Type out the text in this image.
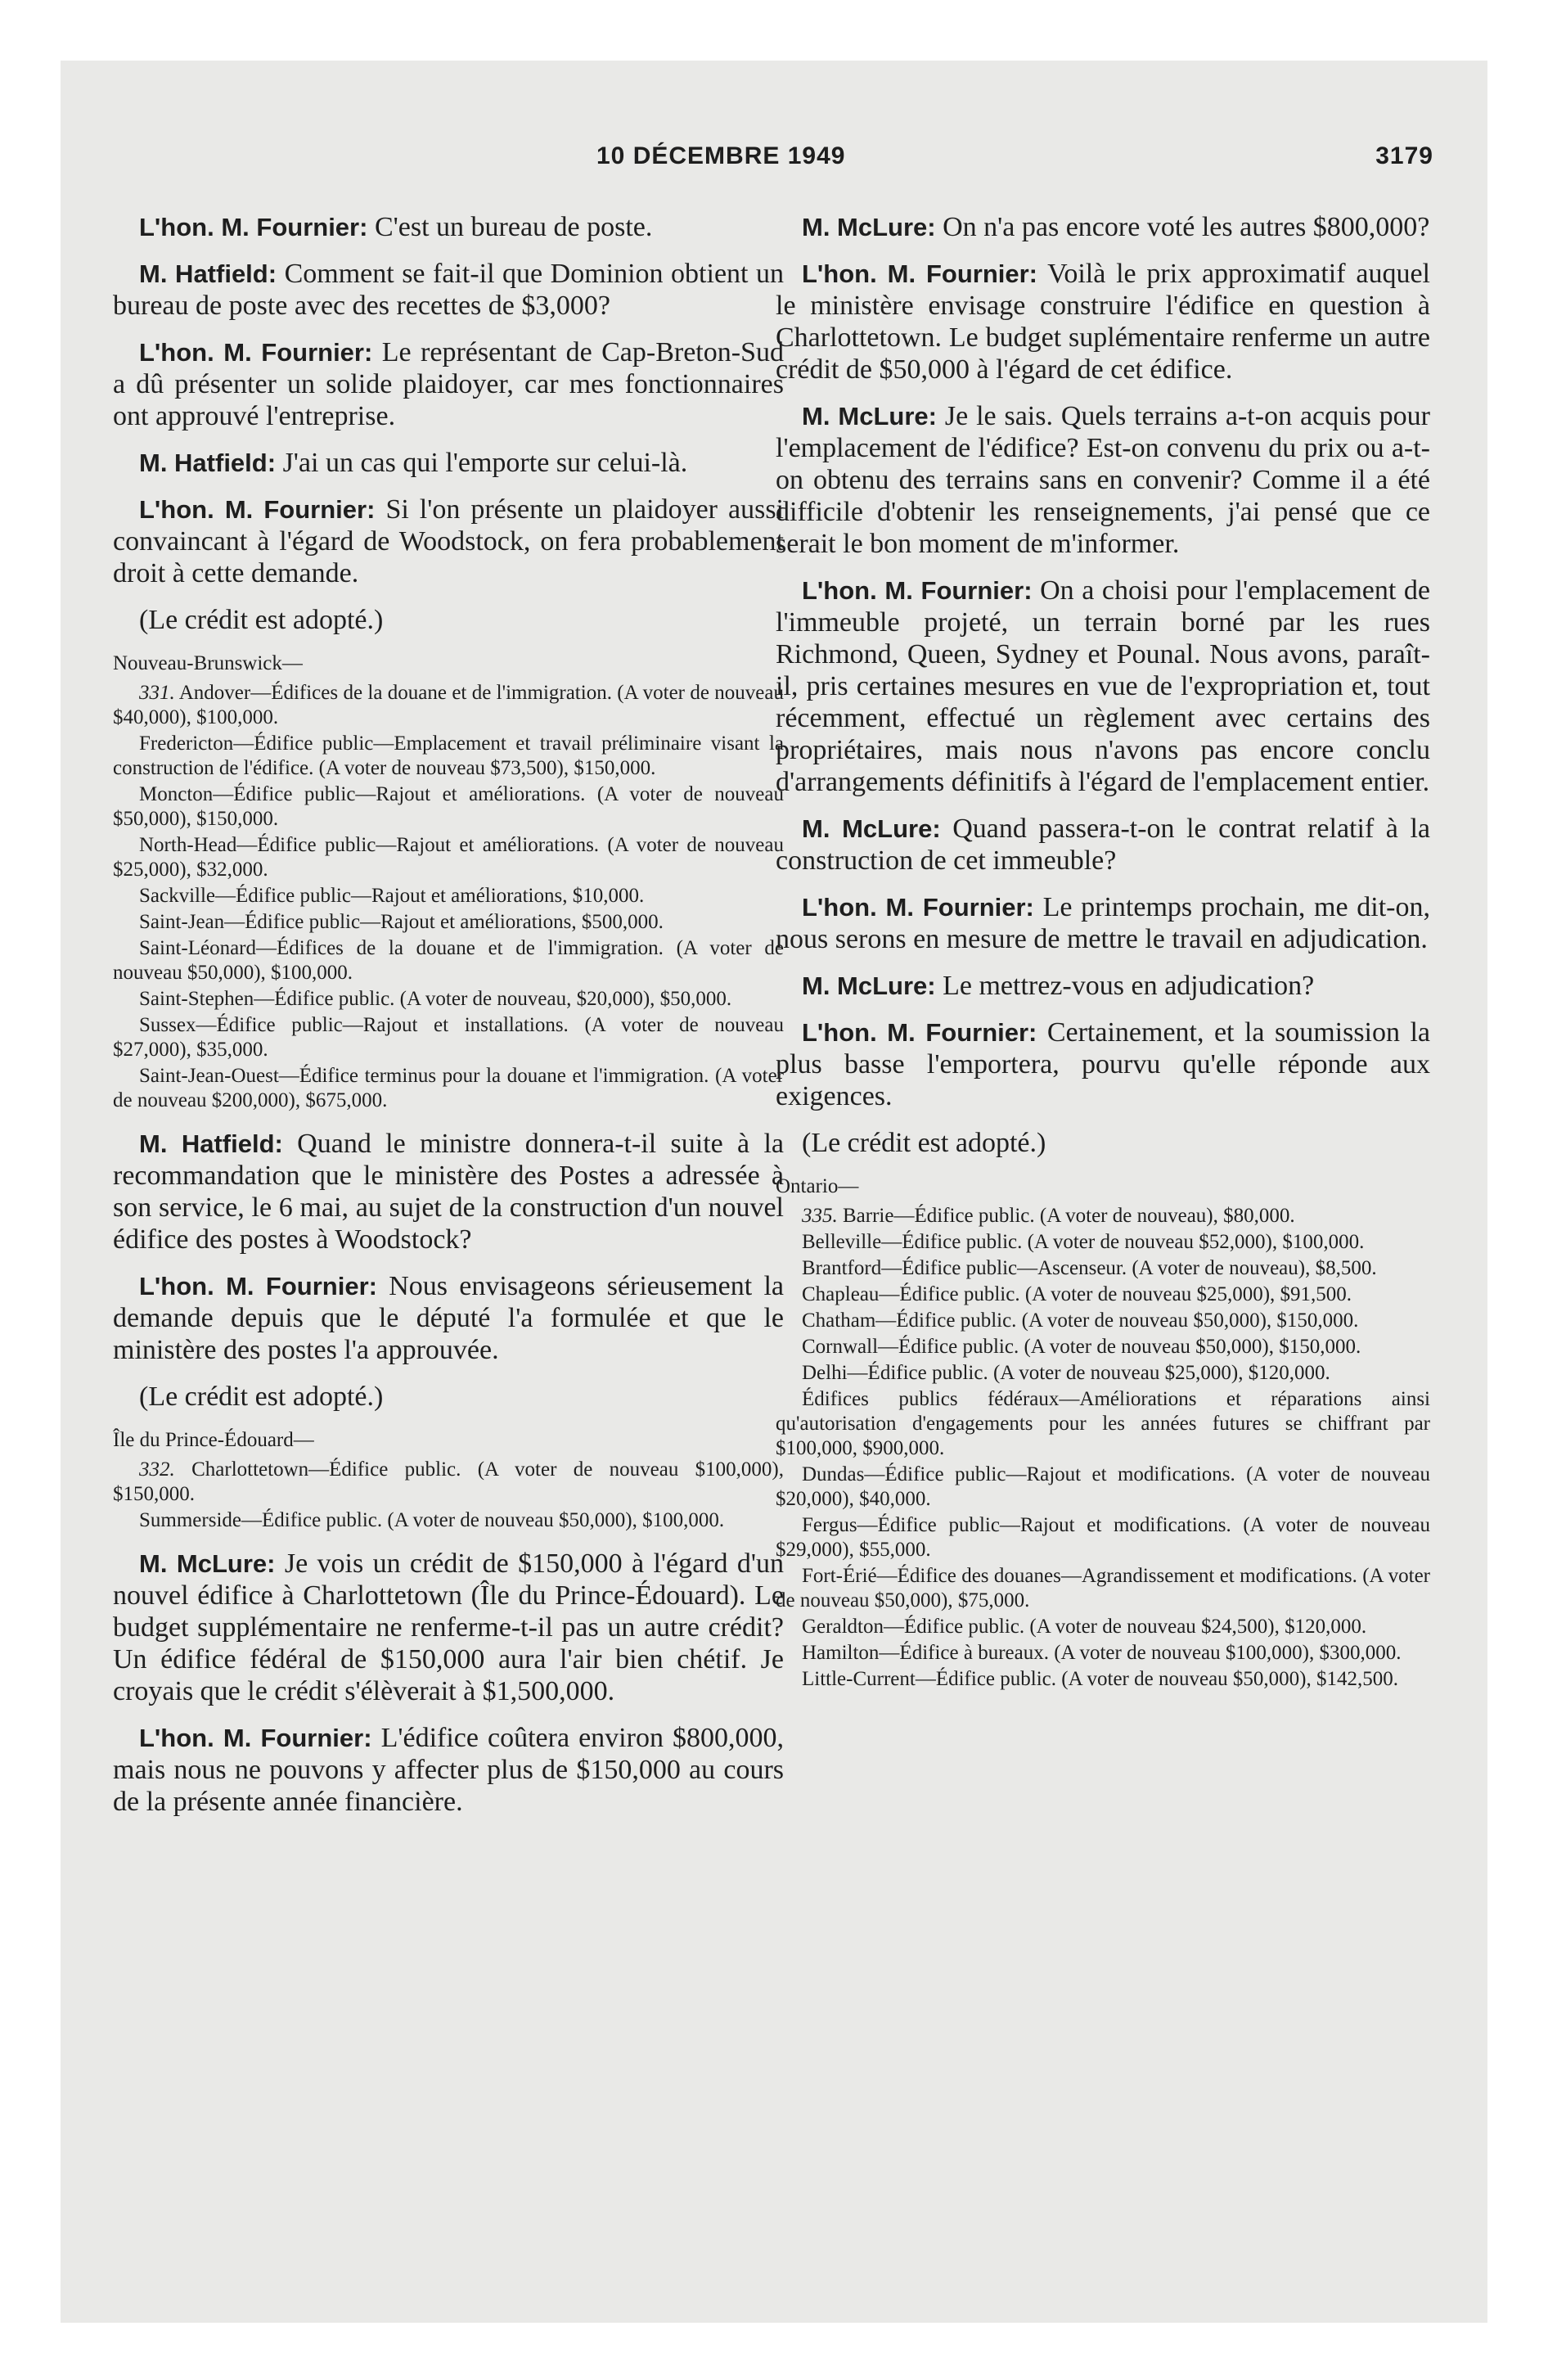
10 DÉCEMBRE 1949	3179

L'hon. M. Fournier: C'est un bureau de poste.

M. Hatfield: Comment se fait-il que Dominion obtient un bureau de poste avec des recettes de $3,000?

L'hon. M. Fournier: Le représentant de Cap-Breton-Sud a dû présenter un solide plaidoyer, car mes fonctionnaires ont approuvé l'entreprise.

M. Hatfield: J'ai un cas qui l'emporte sur celui-là.

L'hon. M. Fournier: Si l'on présente un plaidoyer aussi convaincant à l'égard de Woodstock, on fera probablement droit à cette demande.

(Le crédit est adopté.)

Nouveau-Brunswick—

331. Andover—Édifices de la douane et de l'immigration. (A voter de nouveau $40,000), $100,000.

Fredericton—Édifice public—Emplacement et travail préliminaire visant la construction de l'édifice. (A voter de nouveau $73,500), $150,000.

Moncton—Édifice public—Rajout et améliorations. (A voter de nouveau $50,000), $150,000.

North-Head—Édifice public—Rajout et améliorations. (A voter de nouveau $25,000), $32,000.

Sackville—Édifice public—Rajout et améliorations, $10,000.

Saint-Jean—Édifice public—Rajout et améliorations, $500,000.

Saint-Léonard—Édifices de la douane et de l'immigration. (A voter de nouveau $50,000), $100,000.

Saint-Stephen—Édifice public. (A voter de nouveau, $20,000), $50,000.

Sussex—Édifice public—Rajout et installations. (A voter de nouveau $27,000), $35,000.

Saint-Jean-Ouest—Édifice terminus pour la douane et l'immigration. (A voter de nouveau $200,000), $675,000.

M. Hatfield: Quand le ministre donnera-t-il suite à la recommandation que le ministère des Postes a adressée à son service, le 6 mai, au sujet de la construction d'un nouvel édifice des postes à Woodstock?

L'hon. M. Fournier: Nous envisageons sérieusement la demande depuis que le député l'a formulée et que le ministère des postes l'a approuvée.

(Le crédit est adopté.)

Île du Prince-Édouard—

332. Charlottetown—Édifice public. (A voter de nouveau $100,000), $150,000.

Summerside—Édifice public. (A voter de nouveau $50,000), $100,000.

M. McLure: Je vois un crédit de $150,000 à l'égard d'un nouvel édifice à Charlottetown (Île du Prince-Édouard). Le budget supplémentaire ne renferme-t-il pas un autre crédit? Un édifice fédéral de $150,000 aura l'air bien chétif. Je croyais que le crédit s'élèverait à $1,500,000.

L'hon. M. Fournier: L'édifice coûtera environ $800,000, mais nous ne pouvons y affecter plus de $150,000 au cours de la présente année financière.

M. McLure: On n'a pas encore voté les autres $800,000?

L'hon. M. Fournier: Voilà le prix approximatif auquel le ministère envisage construire l'édifice en question à Charlottetown. Le budget suplémentaire renferme un autre crédit de $50,000 à l'égard de cet édifice.

M. McLure: Je le sais. Quels terrains a-t-on acquis pour l'emplacement de l'édifice? Est-on convenu du prix ou a-t-on obtenu des terrains sans en convenir? Comme il a été difficile d'obtenir les renseignements, j'ai pensé que ce serait le bon moment de m'informer.

L'hon. M. Fournier: On a choisi pour l'emplacement de l'immeuble projeté, un terrain borné par les rues Richmond, Queen, Sydney et Pounal. Nous avons, paraît-il, pris certaines mesures en vue de l'expropriation et, tout récemment, effectué un règlement avec certains des propriétaires, mais nous n'avons pas encore conclu d'arrangements définitifs à l'égard de l'emplacement entier.

M. McLure: Quand passera-t-on le contrat relatif à la construction de cet immeuble?

L'hon. M. Fournier: Le printemps prochain, me dit-on, nous serons en mesure de mettre le travail en adjudication.

M. McLure: Le mettrez-vous en adjudication?

L'hon. M. Fournier: Certainement, et la soumission la plus basse l'emportera, pourvu qu'elle réponde aux exigences.

(Le crédit est adopté.)

Ontario—

335. Barrie—Édifice public. (A voter de nouveau), $80,000.

Belleville—Édifice public. (A voter de nouveau $52,000), $100,000.

Brantford—Édifice public—Ascenseur. (A voter de nouveau), $8,500.

Chapleau—Édifice public. (A voter de nouveau $25,000), $91,500.

Chatham—Édifice public. (A voter de nouveau $50,000), $150,000.

Cornwall—Édifice public. (A voter de nouveau $50,000), $150,000.

Delhi—Édifice public. (A voter de nouveau $25,000), $120,000.

Édifices publics fédéraux—Améliorations et réparations ainsi qu'autorisation d'engagements pour les années futures se chiffrant par $100,000, $900,000.

Dundas—Édifice public—Rajout et modifications. (A voter de nouveau $20,000), $40,000.

Fergus—Édifice public—Rajout et modifications. (A voter de nouveau $29,000), $55,000.

Fort-Érié—Édifice des douanes—Agrandissement et modifications. (A voter de nouveau $50,000), $75,000.

Geraldton—Édifice public. (A voter de nouveau $24,500), $120,000.

Hamilton—Édifice à bureaux. (A voter de nouveau $100,000), $300,000.

Little-Current—Édifice public. (A voter de nouveau $50,000), $142,500.
